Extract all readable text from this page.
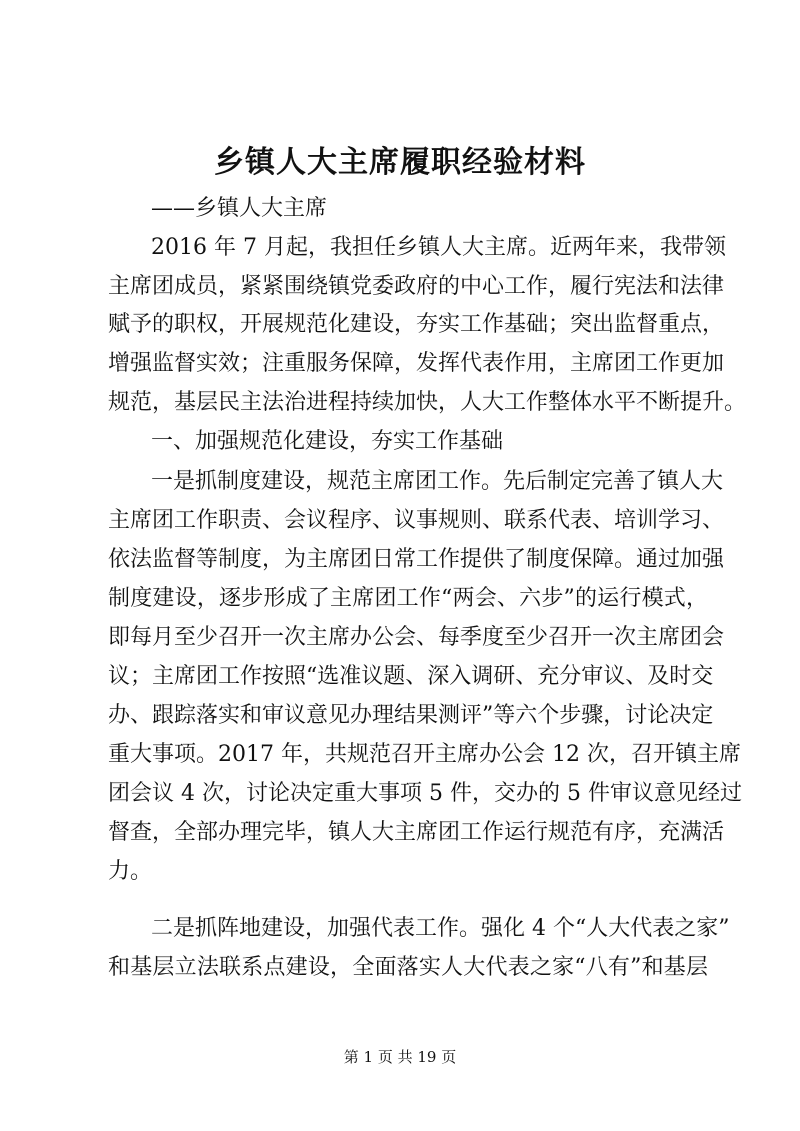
乡镇人大主席履职经验材料
——乡镇人大主席
2016 年 7 月起，我担任乡镇人大主席。近两年来，我带领
主席团成员，紧紧围绕镇党委政府的中心工作，履行宪法和法律
赋予的职权，开展规范化建设，夯实工作基础；突出监督重点，
增强监督实效；注重服务保障，发挥代表作用，主席团工作更加
规范，基层民主法治进程持续加快，人大工作整体水平不断提升。
一、加强规范化建设，夯实工作基础
一是抓制度建设，规范主席团工作。先后制定完善了镇人大
主席团工作职责、会议程序、议事规则、联系代表、培训学习、
依法监督等制度，为主席团日常工作提供了制度保障。通过加强
制度建设，逐步形成了主席团工作“两会、六步”的运行模式，
即每月至少召开一次主席办公会、每季度至少召开一次主席团会
议；主席团工作按照“选准议题、深入调研、充分审议、及时交
办、跟踪落实和审议意见办理结果测评”等六个步骤，讨论决定
重大事项。2017 年，共规范召开主席办公会 12 次，召开镇主席
团会议 4 次，讨论决定重大事项 5 件，交办的 5 件审议意见经过
督查，全部办理完毕，镇人大主席团工作运行规范有序，充满活
力。
二是抓阵地建设，加强代表工作。强化 4 个“人大代表之家”
和基层立法联系点建设，全面落实人大代表之家“八有”和基层
第 1 页 共 19 页
